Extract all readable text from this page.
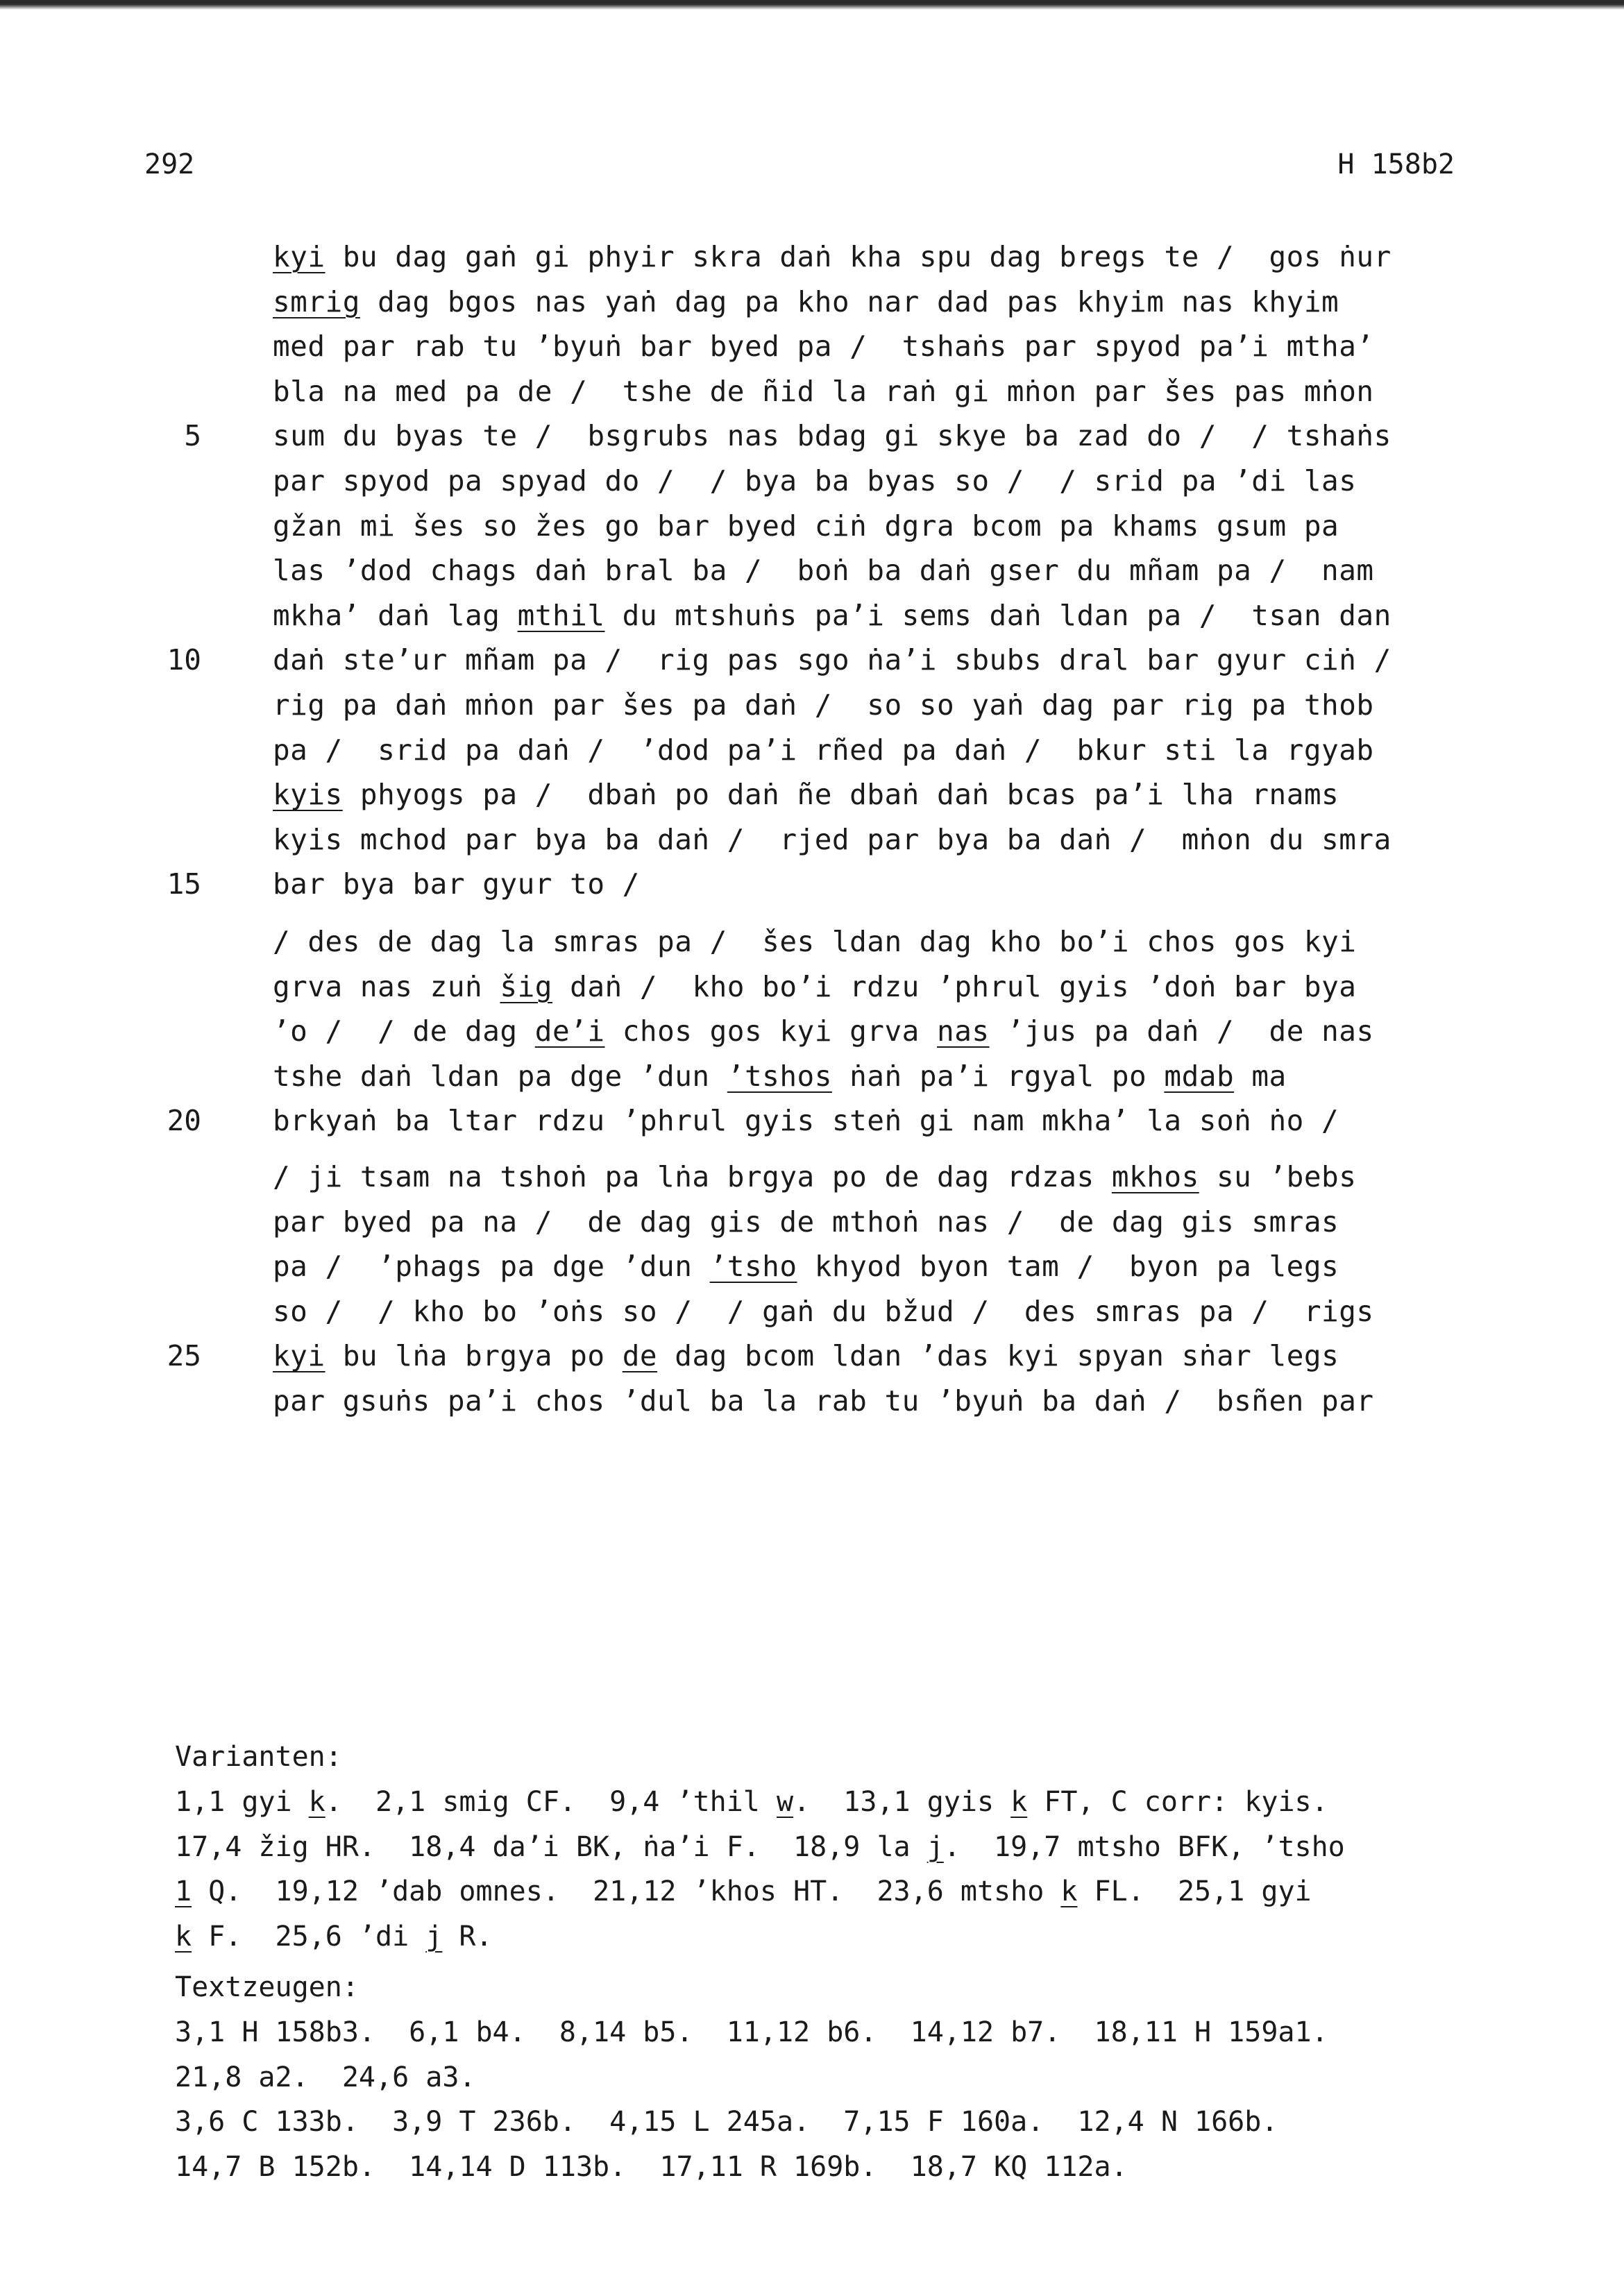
292	H 158b2
kyi bu dag gaṅ gi phyir skra daṅ kha spu dag bregs te /  gos ṅur
smrig dag bgos nas yaṅ dag pa kho nar dad pas khyim nas khyim
med par rab tu ’byuṅ bar byed pa /  tshaṅs par spyod pa’i mtha’
bla na med pa de /  tshe de ñid la raṅ gi mṅon par šes pas mṅon
sum du byas te /  bsgrubs nas bdag gi skye ba zad do /  / tshaṅs
5
par spyod pa spyad do /  / bya ba byas so /  / srid pa ’di las
gžan mi šes so žes go bar byed ciṅ dgra bcom pa khams gsum pa
las ’dod chags daṅ bral ba /  boṅ ba daṅ gser du mñam pa /  nam
mkha’ daṅ lag mthil du mtshuṅs pa’i sems daṅ ldan pa /  tsan dan
daṅ ste’ur mñam pa /  rig pas sgo ṅa’i sbubs dral bar gyur ciṅ /
10
rig pa daṅ mṅon par šes pa daṅ /  so so yaṅ dag par rig pa thob
pa /  srid pa daṅ /  ’dod pa’i rñed pa daṅ /  bkur sti la rgyab
kyis phyogs pa /  dbaṅ po daṅ ñe dbaṅ daṅ bcas pa’i lha rnams
kyis mchod par bya ba daṅ /  rjed par bya ba daṅ /  mṅon du smra
bar bya bar gyur to /
15
/ des de dag la smras pa /  šes ldan dag kho bo’i chos gos kyi
grva nas zuṅ šig daṅ /  kho bo’i rdzu ’phrul gyis ’doṅ bar bya
’o /  / de dag de’i chos gos kyi grva nas ’jus pa daṅ /  de nas
tshe daṅ ldan pa dge ’dun ’tshos ṅaṅ pa’i rgyal po mdab ma
brkyaṅ ba ltar rdzu ’phrul gyis steṅ gi nam mkha’ la soṅ ṅo /
20
/ ji tsam na tshoṅ pa lṅa brgya po de dag rdzas mkhos su ’bebs
par byed pa na /  de dag gis de mthoṅ nas /  de dag gis smras
pa /  ’phags pa dge ’dun ’tsho khyod byon tam /  byon pa legs
so /  / kho bo ’oṅs so /  / gaṅ du bžud /  des smras pa /  rigs
kyi bu lṅa brgya po de dag bcom ldan ’das kyi spyan sṅar legs
25
par gsuṅs pa’i chos ’dul ba la rab tu ’byuṅ ba daṅ /  bsñen par
Varianten:
1,1 gyi k.  2,1 smig CF.  9,4 ’thil w.  13,1 gyis k FT, C corr: kyis.
17,4 žig HR.  18,4 da’i BK, ṅa’i F.  18,9 la j.  19,7 mtsho BFK, ’tsho
1 Q.  19,12 ’dab omnes.  21,12 ’khos HT.  23,6 mtsho k FL.  25,1 gyi
k F.  25,6 ’di j R.
Textzeugen:
3,1 H 158b3.  6,1 b4.  8,14 b5.  11,12 b6.  14,12 b7.  18,11 H 159a1.
21,8 a2.  24,6 a3.
3,6 C 133b.  3,9 T 236b.  4,15 L 245a.  7,15 F 160a.  12,4 N 166b.
14,7 B 152b.  14,14 D 113b.  17,11 R 169b.  18,7 KQ 112a.
